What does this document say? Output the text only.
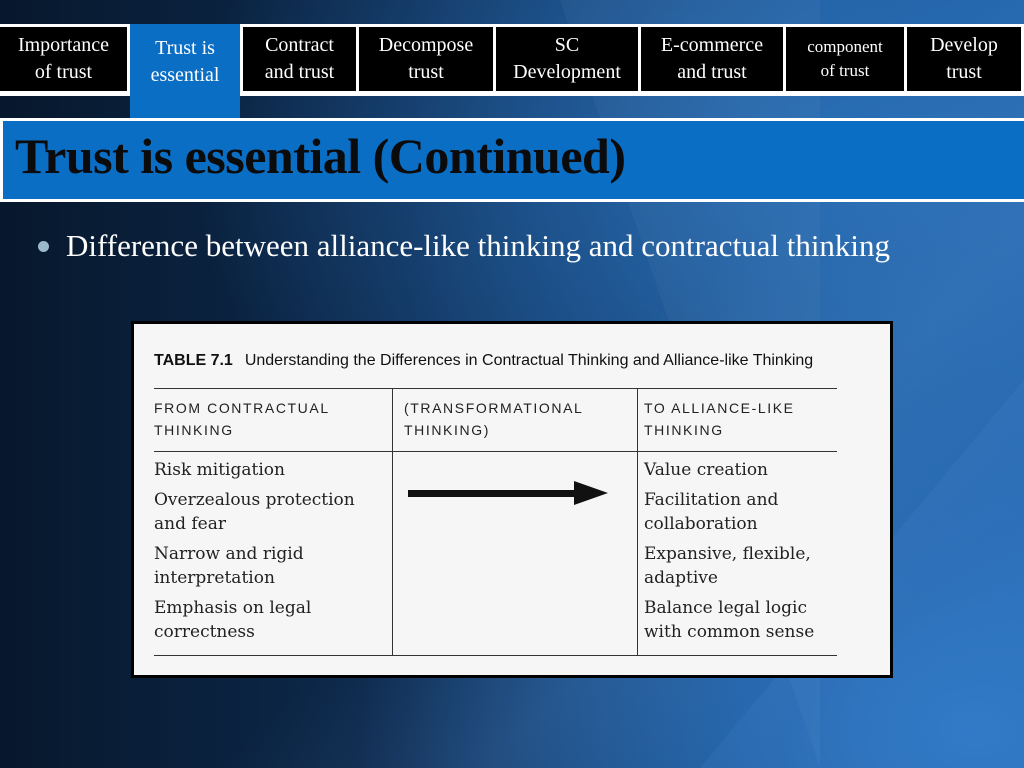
Importance
of trust
Trust is
essential
Contract
and trust
Decompose
trust
SC
Development
E-commerce
and trust
component
of trust
Develop
trust
Trust is essential (Continued)
Difference between alliance-like thinking and contractual thinking
TABLE 7.1 Understanding the Differences in Contractual Thinking and Alliance-like Thinking
FROM CONTRACTUAL
THINKING
(TRANSFORMATIONAL
THINKING)
TO ALLIANCE-LIKE
THINKING
Risk mitigation
Overzealous protection
and fear
Narrow and rigid
interpretation
Emphasis on legal
correctness
Value creation
Facilitation and
collaboration
Expansive, flexible,
adaptive
Balance legal logic
with common sense
